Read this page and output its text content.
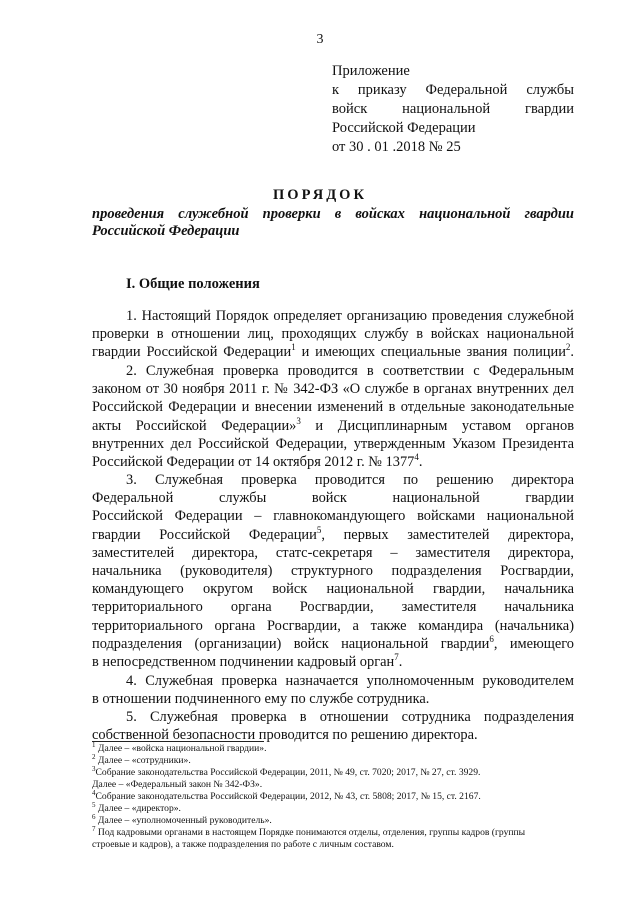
3
Приложение
к приказу Федеральной службы
войск национальной гвардии
Российской Федерации
от 30 . 01 .2018 № 25
ПОРЯДОК
проведения служебной проверки в войсках национальной гвардии
Российской Федерации
I. Общие положения
1. Настоящий Порядок определяет организацию проведения служебной
проверки в отношении лиц, проходящих службу в войсках национальной
гвардии Российской Федерации$^1$ и имеющих специальные звания полиции$^2$.
2. Служебная проверка проводится в соответствии с Федеральным
законом от 30 ноября 2011 г. № 342-ФЗ «О службе в органах внутренних дел
Российской Федерации и внесении изменений в отдельные законодательные
акты Российской Федерации»$^3$ и Дисциплинарным уставом органов
внутренних дел Российской Федерации, утвержденным Указом Президента
Российской Федерации от 14 октября 2012 г. № 1377$^4$.
3. Служебная проверка проводится по решению директора
Федеральной службы войск национальной гвардии
Российской Федерации – главнокомандующего войсками национальной
гвардии Российской Федерации$^5$, первых заместителей директора,
заместителей директора, статс-секретаря – заместителя директора,
начальника (руководителя) структурного подразделения Росгвардии,
командующего округом войск национальной гвардии, начальника
территориального органа Росгвардии, заместителя начальника
территориального органа Росгвардии, а также командира (начальника)
подразделения (организации) войск национальной гвардии$^6$, имеющего
в непосредственном подчинении кадровый орган$^7$.
4. Служебная проверка назначается уполномоченным руководителем
в отношении подчиненного ему по службе сотрудника.
5. Служебная проверка в отношении сотрудника подразделения
собственной безопасности проводится по решению директора.
$^1$ Далее – «войска национальной гвардии».
$^2$ Далее – «сотрудники».
$^3$Собрание законодательства Российской Федерации, 2011, № 49, ст. 7020; 2017, № 27, ст. 3929.
Далее – «Федеральный закон № 342-ФЗ».
$^4$Собрание законодательства Российской Федерации, 2012, № 43, ст. 5808; 2017, № 15, ст. 2167.
$^5$ Далее – «директор».
$^6$ Далее – «уполномоченный руководитель».
$^7$ Под кадровыми органами в настоящем Порядке понимаются отделы, отделения, группы кадров (группы
строевые и кадров), а также подразделения по работе с личным составом.
